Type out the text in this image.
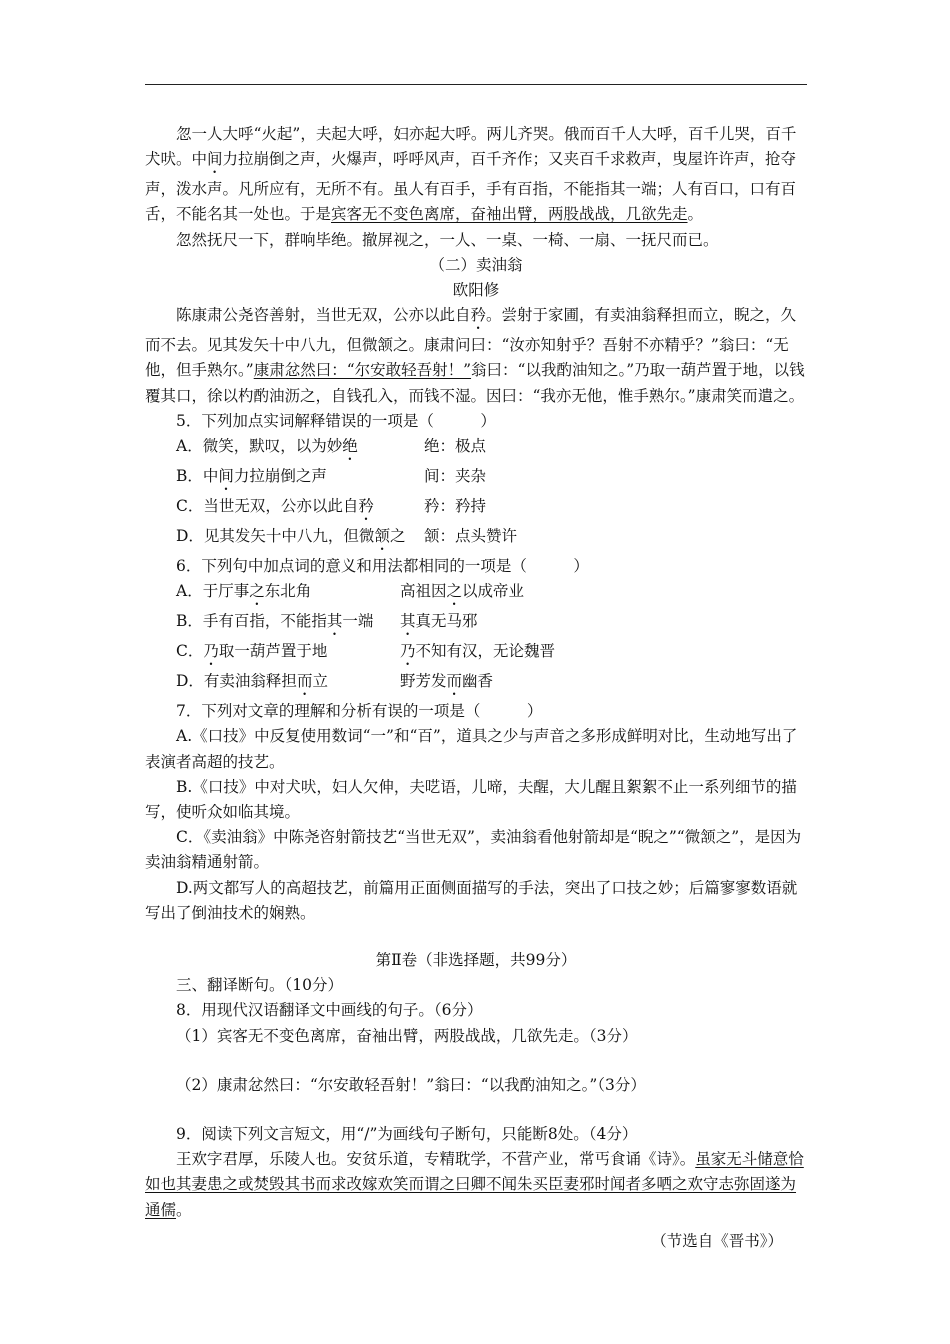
忽一人大呼“火起”，夫起大呼，妇亦起大呼。两儿齐哭。俄而百千人大呼，百千儿哭，百千犬吠。中间力拉崩倒之声，火爆声，呼呼风声，百千齐作；又夹百千求救声，曳屋许许声，抢夺声，泼水声。凡所应有，无所不有。虽人有百手，手有百指，不能指其一端；人有百口，口有百舌，不能名其一处也。于是宾客无不变色离席，奋袖出臂，两股战战，几欲先走。

忽然抚尺一下，群响毕绝。撤屏视之，一人、一桌、一椅、一扇、一抚尺而已。

（二）卖油翁

欧阳修

陈康肃公尧咨善射，当世无双，公亦以此自矜。尝射于家圃，有卖油翁释担而立，睨之，久而不去。见其发矢十中八九，但微颔之。康肃问曰：“汝亦知射乎？吾射不亦精乎？”翁曰：“无他，但手熟尔。”康肃忿然曰：“尔安敢轻吾射！”翁曰：“以我酌油知之。”乃取一葫芦置于地，以钱覆其口，徐以杓酌油沥之，自钱孔入，而钱不湿。因曰：“我亦无他，惟手熟尔。”康肃笑而遣之。

5．下列加点实词解释错误的一项是（　　　）

A．微笑，默叹，以为妙绝	绝：极点
B．中间力拉崩倒之声	间：夹杂
C．当世无双，公亦以此自矜	矜：矜持
D．见其发矢十中八九，但微颔之	颔：点头赞许

6．下列句中加点词的意义和用法都相同的一项是（　　　）

A．于厅事之东北角	高祖因之以成帝业
B．手有百指，不能指其一端	其真无马邪
C．乃取一葫芦置于地	乃不知有汉，无论魏晋
D．有卖油翁释担而立	野芳发而幽香

7．下列对文章的理解和分析有误的一项是（　　　）

A.《口技》中反复使用数词“一”和“百”，道具之少与声音之多形成鲜明对比，生动地写出了表演者高超的技艺。

B.《口技》中对犬吠，妇人欠伸，夫呓语，儿啼，夫醒，大儿醒且絮絮不止一系列细节的描写，使听众如临其境。

C．《卖油翁》中陈尧咨射箭技艺“当世无双”，卖油翁看他射箭却是“睨之”“微颔之”，是因为卖油翁精通射箭。

D.两文都写人的高超技艺，前篇用正面侧面描写的手法，突出了口技之妙；后篇寥寥数语就写出了倒油技术的娴熟。

第Ⅱ卷（非选择题，共99分）

三、翻译断句。（10分）

8．用现代汉语翻译文中画线的句子。（6分）

（1）宾客无不变色离席，奋袖出臂，两股战战，几欲先走。（3分）

（2）康肃忿然曰：“尔安敢轻吾射！”翁曰：“以我酌油知之。”（3分）

9．阅读下列文言短文，用“/”为画线句子断句，只能断8处。（4分）

王欢字君厚，乐陵人也。安贫乐道，专精耽学，不营产业，常丐食诵《诗》。虽家无斗储意恰如也其妻患之或焚毁其书而求改嫁欢笑而谓之曰卿不闻朱买臣妻邪时闻者多哂之欢守志弥固遂为通儒。

（节选自《晋书》）
